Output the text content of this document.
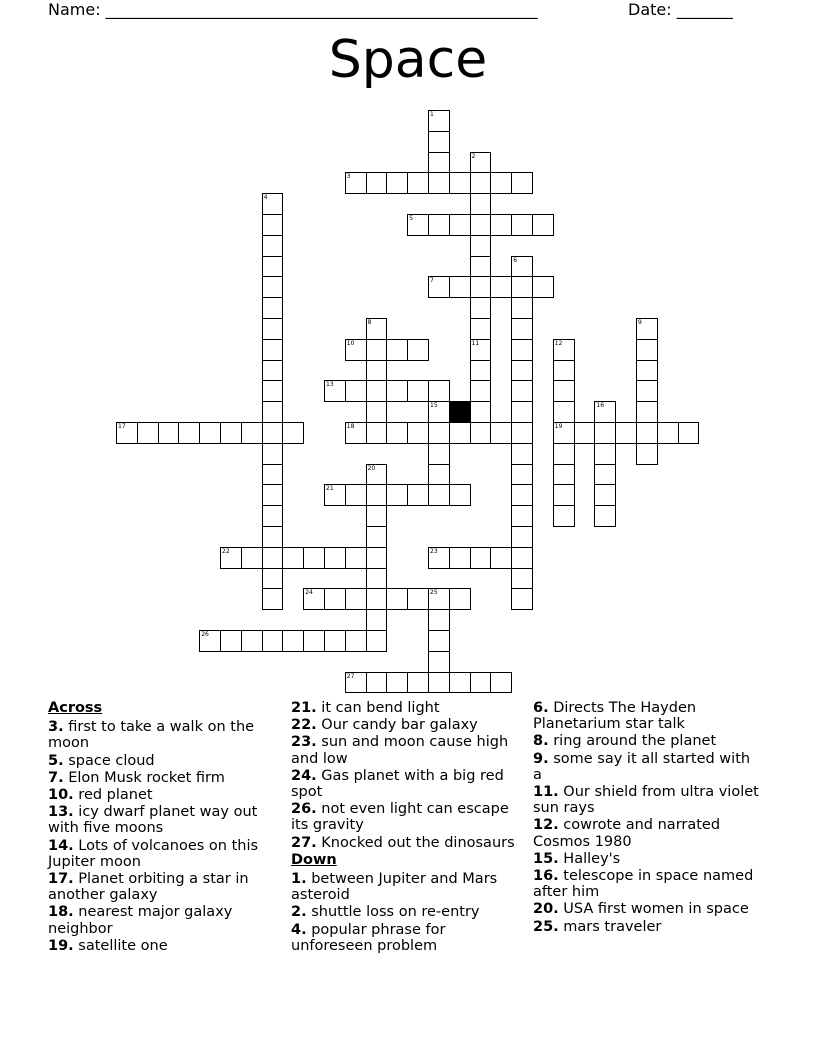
Name: ______________________________________________________	Date: _______
Space
3
5
7
10
13
17	18	19
21
22	23
24	25
26
27
1
2
11
4
6
8	9
12
15	16
20
Across
3. first to take a walk on the moon
5. space cloud
7. Elon Musk rocket firm
10. red planet
13. icy dwarf planet way out with five moons
14. Lots of volcanoes on this Jupiter moon
17. Planet orbiting a star in another galaxy
18. nearest major galaxy neighbor
19. satellite one
21. it can bend light
22. Our candy bar galaxy
23. sun and moon cause high and low
24. Gas planet with a big red spot
26. not even light can escape its gravity
27. Knocked out the dinosaurs
Down
1. between Jupiter and Mars asteroid
2. shuttle loss on re-entry
4. popular phrase for unforeseen problem
6. Directs The Hayden Planetarium star talk
8. ring around the planet
9. some say it all started with a
11. Our shield from ultra violet sun rays
12. cowrote and narrated Cosmos 1980
15. Halley's
16. telescope in space named after him
20. USA first women in space
25. mars traveler
